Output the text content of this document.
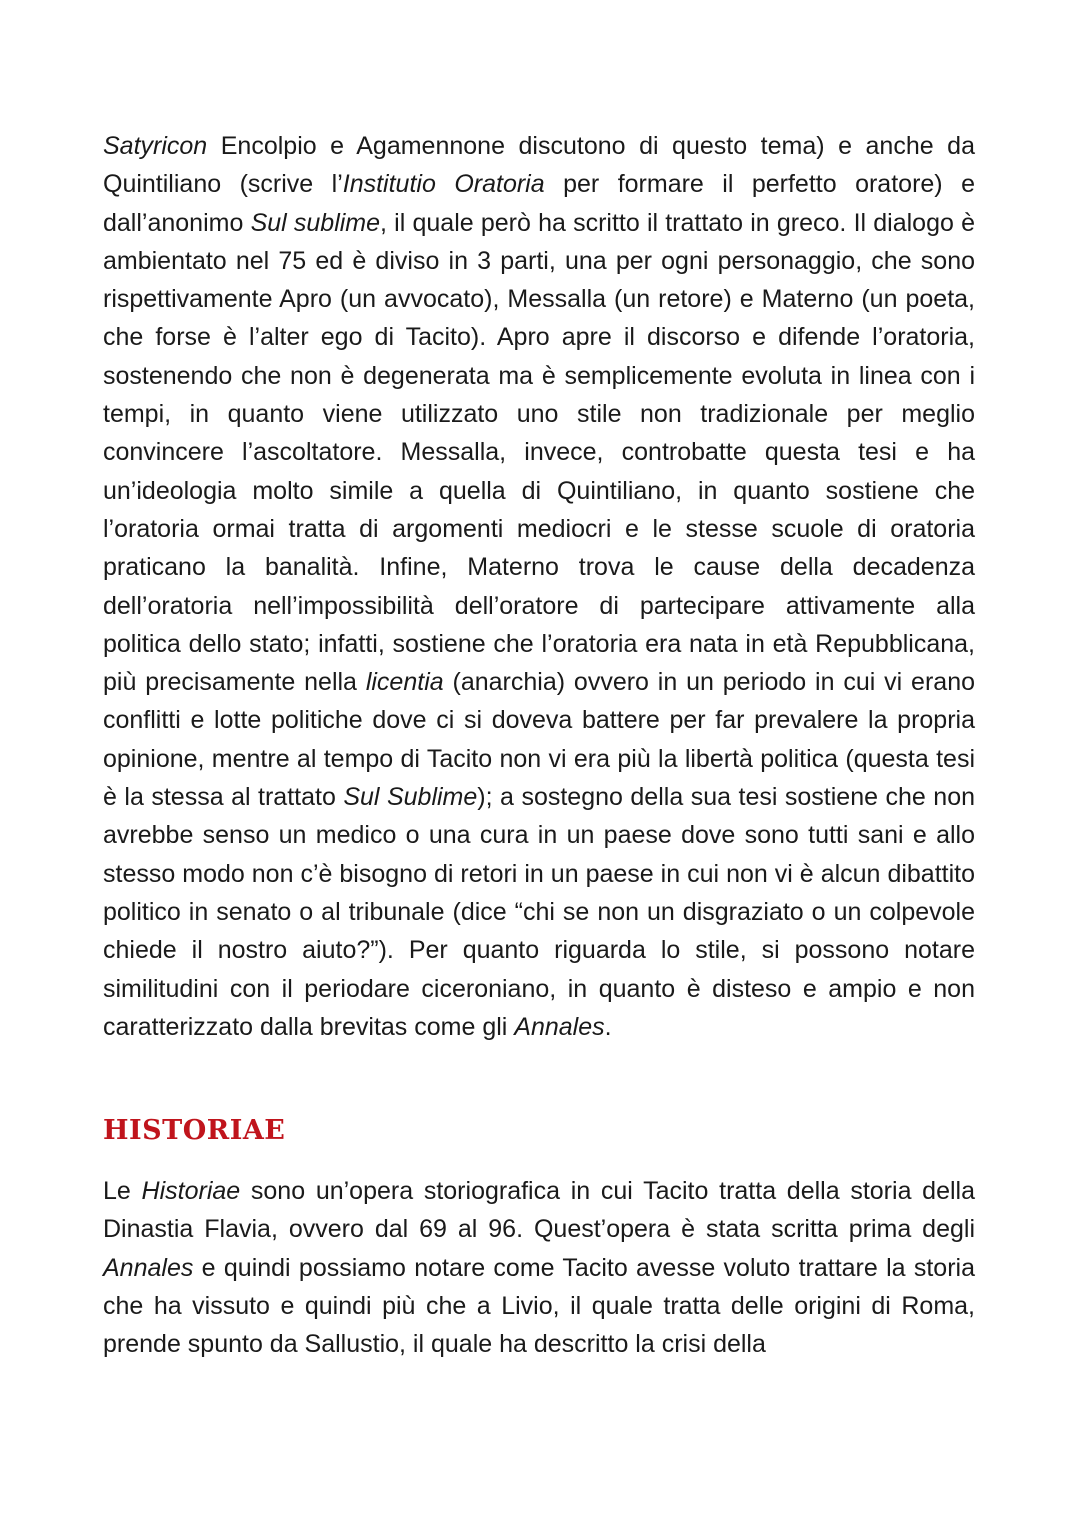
Satyricon Encolpio e Agamennone discutono di questo tema) e anche da Quintiliano (scrive l’Institutio Oratoria per formare il perfetto oratore) e dall’anonimo Sul sublime, il quale però ha scritto il trattato in greco. Il dialogo è ambientato nel 75 ed è diviso in 3 parti, una per ogni personaggio, che sono rispettivamente Apro (un avvocato), Messalla (un retore) e Materno (un poeta, che forse è l’alter ego di Tacito). Apro apre il discorso e difende l’oratoria, sostenendo che non è degenerata ma è semplicemente evoluta in linea con i tempi, in quanto viene utilizzato uno stile non tradizionale per meglio convincere l’ascoltatore. Messalla, invece, controbatte questa tesi e ha un’ideologia molto simile a quella di Quintiliano, in quanto sostiene che l’oratoria ormai tratta di argomenti mediocri e le stesse scuole di oratoria praticano la banalità. Infine, Materno trova le cause della decadenza dell’oratoria nell’impossibilità dell’oratore di partecipare attivamente alla politica dello stato; infatti, sostiene che l’oratoria era nata in età Repubblicana, più precisamente nella licentia (anarchia) ovvero in un periodo in cui vi erano conflitti e lotte politiche dove ci si doveva battere per far prevalere la propria opinione, mentre al tempo di Tacito non vi era più la libertà politica (questa tesi è la stessa al trattato Sul Sublime); a sostegno della sua tesi sostiene che non avrebbe senso un medico o una cura in un paese dove sono tutti sani e allo stesso modo non c’è bisogno di retori in un paese in cui non vi è alcun dibattito politico in senato o al tribunale (dice “chi se non un disgraziato o un colpevole chiede il nostro aiuto?”). Per quanto riguarda lo stile, si possono notare similitudini con il periodare ciceroniano, in quanto è disteso e ampio e non caratterizzato dalla brevitas come gli Annales.

HISTORIAE

Le Historiae sono un’opera storiografica in cui Tacito tratta della storia della Dinastia Flavia, ovvero dal 69 al 96. Quest’opera è stata scritta prima degli Annales e quindi possiamo notare come Tacito avesse voluto trattare la storia che ha vissuto e quindi più che a Livio, il quale tratta delle origini di Roma, prende spunto da Sallustio, il quale ha descritto la crisi della
